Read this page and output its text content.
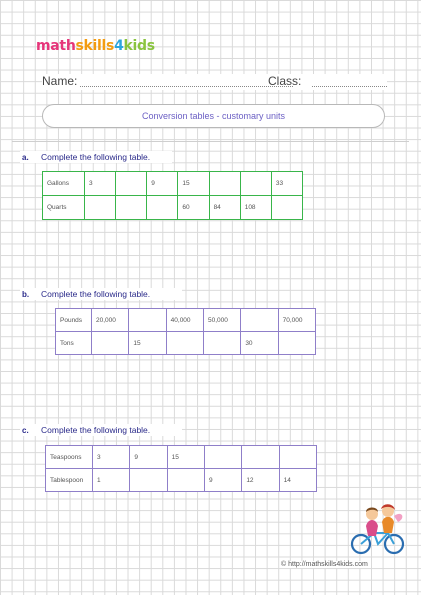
mathskills4kids
Name:	Class:
Conversion tables - customary units
a. Complete the following table.
Gallons	3		9	15			33
Quarts				60	84	108	
b. Complete the following table.
Pounds	20,000		40,000	50,000		70,000
Tons		15			30	
c. Complete the following table.
Teaspoons	3	9	15			
Tablespoon	1			9	12	14
© http://mathskills4kids.com
